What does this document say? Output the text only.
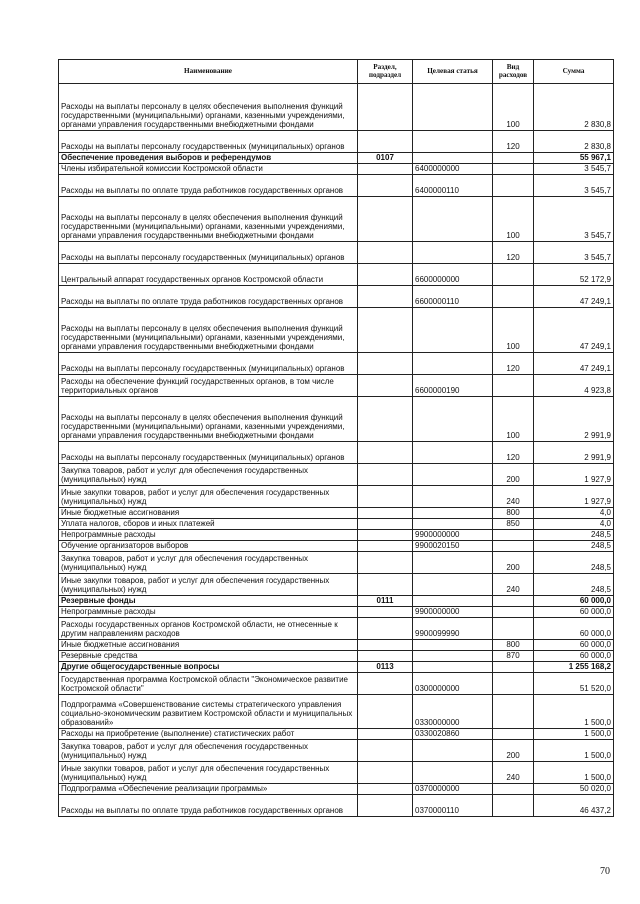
Наименование	Раздел, подраздел	Целевая статья	Вид расходов	Сумма
Расходы на выплаты персоналу в целях обеспечения выполнения функций государственными (муниципальными) органами, казенными учреждениями, органами управления государственными внебюджетными фондами			100	2 830,8
Расходы на выплаты персоналу государственных (муниципальных) органов			120	2 830,8
Обеспечение проведения выборов и референдумов	0107			55 967,1
Члены избирательной комиссии Костромской области		6400000000		3 545,7
Расходы на выплаты по оплате труда работников государственных органов		6400000110		3 545,7
Расходы на выплаты персоналу в целях обеспечения выполнения функций государственными (муниципальными) органами, казенными учреждениями, органами управления государственными внебюджетными фондами			100	3 545,7
Расходы на выплаты персоналу государственных (муниципальных) органов			120	3 545,7
Центральный аппарат государственных органов Костромской области		6600000000		52 172,9
Расходы на выплаты по оплате труда работников государственных органов		6600000110		47 249,1
Расходы на выплаты персоналу в целях обеспечения выполнения функций государственными (муниципальными) органами, казенными учреждениями, органами управления государственными внебюджетными фондами			100	47 249,1
Расходы на выплаты персоналу государственных (муниципальных) органов			120	47 249,1
Расходы на обеспечение функций государственных органов, в том числе территориальных органов		6600000190		4 923,8
Расходы на выплаты персоналу в целях обеспечения выполнения функций государственными (муниципальными) органами, казенными учреждениями, органами управления государственными внебюджетными фондами			100	2 991,9
Расходы на выплаты персоналу государственных (муниципальных) органов			120	2 991,9
Закупка товаров, работ и услуг для обеспечения государственных (муниципальных) нужд			200	1 927,9
Иные закупки товаров, работ и услуг для обеспечения государственных (муниципальных) нужд			240	1 927,9
Иные бюджетные ассигнования			800	4,0
Уплата налогов, сборов и иных платежей			850	4,0
Непрограммные расходы		9900000000		248,5
Обучение организаторов выборов		9900020150		248,5
Закупка товаров, работ и услуг для обеспечения государственных (муниципальных) нужд			200	248,5
Иные закупки товаров, работ и услуг для обеспечения государственных (муниципальных) нужд			240	248,5
Резервные фонды	0111			60 000,0
Непрограммные расходы		9900000000		60 000,0
Расходы государственных органов Костромской области, не отнесенные к другим направлениям расходов		9900099990		60 000,0
Иные бюджетные ассигнования			800	60 000,0
Резервные средства			870	60 000,0
Другие общегосударственные вопросы	0113			1 255 168,2
Государственная программа Костромской области "Экономическое развитие Костромской области"		0300000000		51 520,0
Подпрограмма «Совершенствование системы стратегического управления социально-экономическим развитием Костромской области и муниципальных образований»		0330000000		1 500,0
Расходы на приобретение (выполнение) статистических работ		0330020860		1 500,0
Закупка товаров, работ и услуг для обеспечения государственных (муниципальных) нужд			200	1 500,0
Иные закупки товаров, работ и услуг для обеспечения государственных (муниципальных) нужд			240	1 500,0
Подпрограмма «Обеспечение реализации программы»		0370000000		50 020,0
Расходы на выплаты по оплате труда работников государственных органов		0370000110		46 437,2
70
